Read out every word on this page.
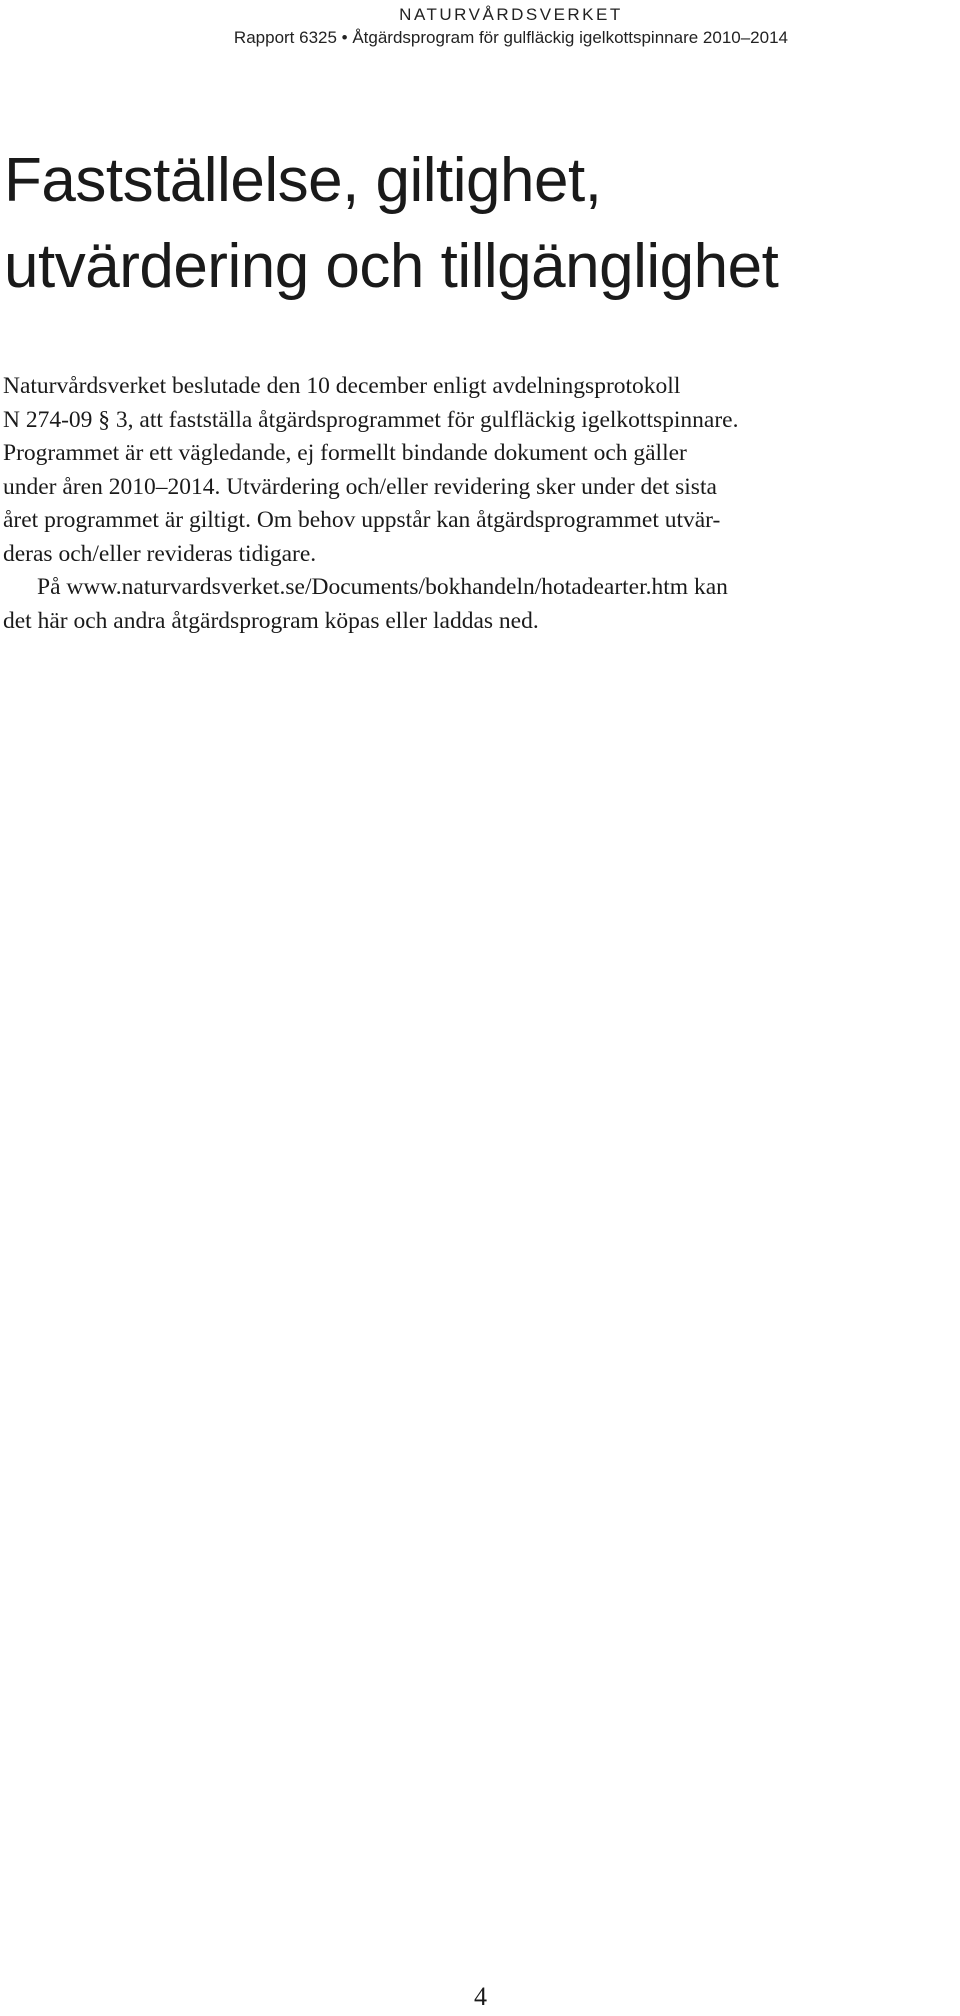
NATURVÅRDSVERKET
Rapport 6325 • Åtgärdsprogram för gulfläckig igelkottspinnare 2010–2014
Fastställelse, giltighet,
utvärdering och tillgänglighet

Naturvårdsverket beslutade den 10 december enligt avdelningsprotokoll
N 274-09 § 3, att fastställa åtgärdsprogrammet för gulfläckig igelkottspinnare.
Programmet är ett vägledande, ej formellt bindande dokument och gäller
under åren 2010–2014. Utvärdering och/eller revidering sker under det sista
året programmet är giltigt. Om behov uppstår kan åtgärdsprogrammet utvär-
deras och/eller revideras tidigare.

På www.naturvardsverket.se/Documents/bokhandeln/hotadearter.htm kan
det här och andra åtgärdsprogram köpas eller laddas ned.

4
